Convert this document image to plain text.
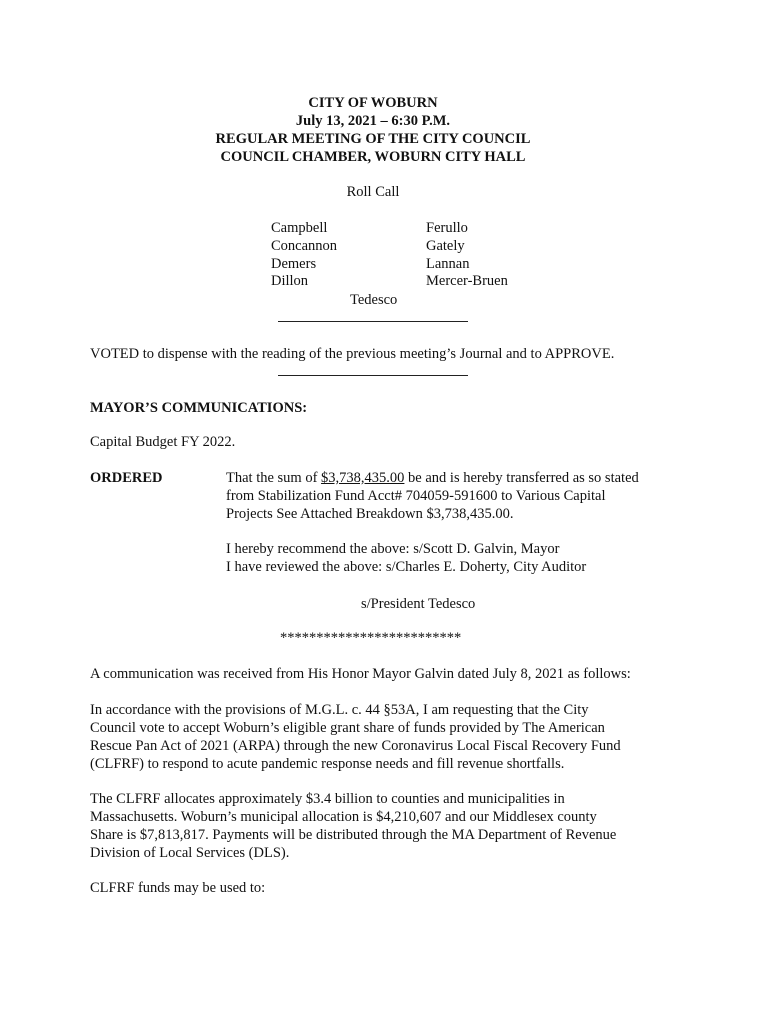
CITY OF WOBURN
July 13, 2021 – 6:30 P.M.
REGULAR MEETING OF THE CITY COUNCIL
COUNCIL CHAMBER, WOBURN CITY HALL
Roll Call
Campbell
Concannon
Demers
Dillon
Ferullo
Gately
Lannan
Mercer-Bruen
Tedesco
VOTED to dispense with the reading of the previous meeting’s Journal and to APPROVE.
MAYOR’S COMMUNICATIONS:
Capital Budget FY 2022.
ORDERED	That the sum of $3,738,435.00 be and is hereby transferred as so stated
from Stabilization Fund Acct# 704059-591600 to Various Capital
Projects See Attached Breakdown $3,738,435.00.
I hereby recommend the above: s/Scott D. Galvin, Mayor
I have reviewed the above: s/Charles E. Doherty, City Auditor
s/President Tedesco
*************************
A communication was received from His Honor Mayor Galvin dated July 8, 2021 as follows:
In accordance with the provisions of M.G.L. c. 44 §53A, I am requesting that the City
Council vote to accept Woburn’s eligible grant share of funds provided by The American
Rescue Pan Act of 2021 (ARPA) through the new Coronavirus Local Fiscal Recovery Fund
(CLFRF) to respond to acute pandemic response needs and fill revenue shortfalls.
The CLFRF allocates approximately $3.4 billion to counties and municipalities in
Massachusetts. Woburn’s municipal allocation is $4,210,607 and our Middlesex county
Share is $7,813,817. Payments will be distributed through the MA Department of Revenue
Division of Local Services (DLS).
CLFRF funds may be used to:
